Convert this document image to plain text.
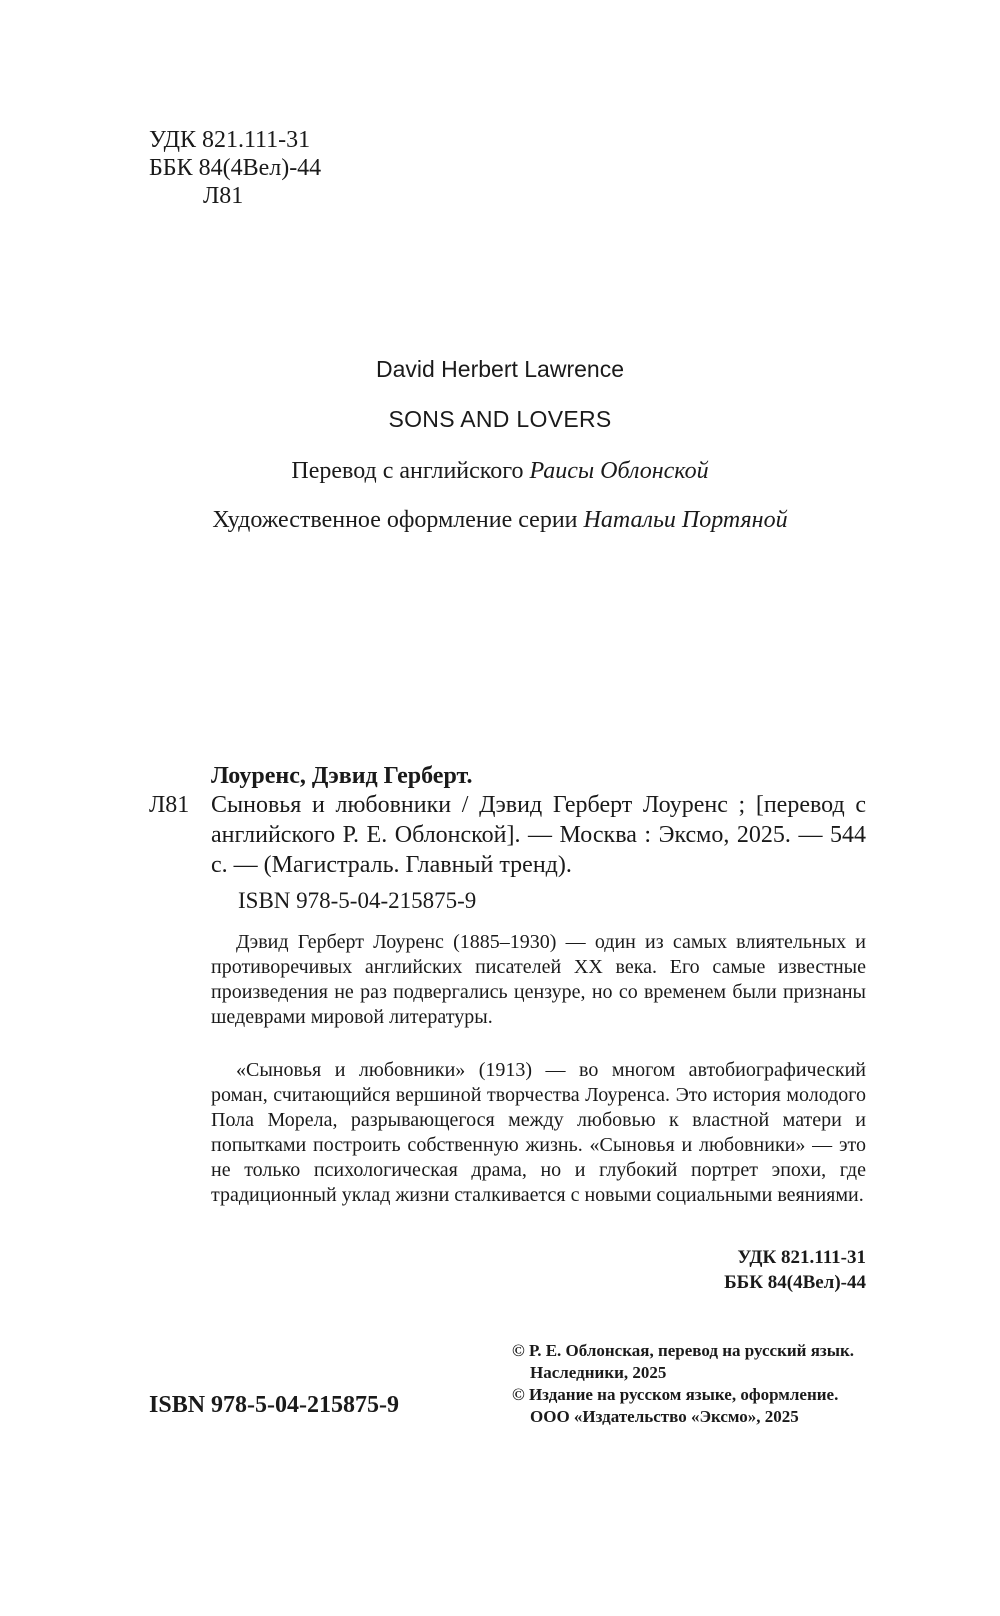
УДК 821.111-31
ББК 84(4Вел)-44
Л81
David Herbert Lawrence
SONS AND LOVERS
Перевод с английского Раисы Облонской
Художественное оформление серии Натальи Портяной
Лоуренс, Дэвид Герберт.
Л81 Сыновья и любовники / Дэвид Герберт Лоуренс ; [перевод с английского Р. Е. Облонской]. — Москва : Эксмо, 2025. — 544 с. — (Магистраль. Главный тренд).
ISBN 978-5-04-215875-9

Дэвид Герберт Лоуренс (1885–1930) — один из самых влиятельных и противоречивых английских писателей XX века. Его самые известные произведения не раз подвергались цензуре, но со временем были признаны шедеврами мировой литературы.

«Сыновья и любовники» (1913) — во многом автобиографический роман, считающийся вершиной творчества Лоуренса. Это история молодого Пола Морела, разрывающегося между любовью к властной матери и попытками построить собственную жизнь. «Сыновья и любовники» — это не только психологическая драма, но и глубокий портрет эпохи, где традиционный уклад жизни сталкивается с новыми социальными веяниями.

УДК 821.111-31
ББК 84(4Вел)-44
© Р. Е. Облонская, перевод на русский язык. Наследники, 2025
© Издание на русском языке, оформление. ООО «Издательство «Эксмо», 2025
ISBN 978-5-04-215875-9
